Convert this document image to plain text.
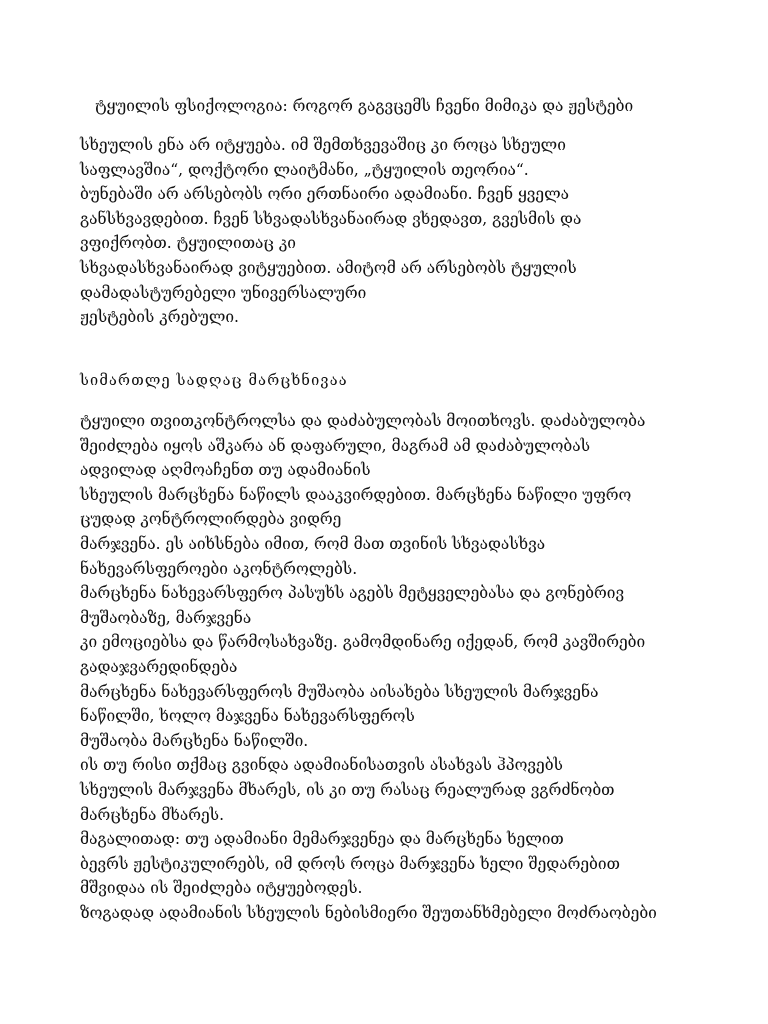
ტყუილის ფსიქოლოგია: როგორ გაგვცემს ჩვენი მიმიკა და ჟესტები
სხეულის ენა არ იტყუება. იმ შემთხვევაშიც კი როცა სხეული
საფლავშია“, დოქტორი ლაიტმანი, „ტყუილის თეორია“.
ბუნებაში არ არსებობს ორი ერთნაირი ადამიანი. ჩვენ ყველა
განსხვავდებით. ჩვენ სხვადასხვანაირად ვხედავთ, გვესმის და
ვფიქრობთ. ტყუილითაც კი
სხვადასხვანაირად ვიტყუებით. ამიტომ არ არსებობს ტყულის
დამადასტურებელი უნივერსალური
ჟესტების კრებული.
სიმართლე სადღაც მარცხნივაა
ტყუილი თვითკონტროლსა და დაძაბულობას მოითხოვს. დაძაბულობა
შეიძლება იყოს აშკარა ან დაფარული, მაგრამ ამ დაძაბულობას
ადვილად აღმოაჩენთ თუ ადამიანის
სხეულის მარცხენა ნაწილს დააკვირდებით. მარცხენა ნაწილი უფრო
ცუდად კონტროლირდება ვიდრე
მარჯვენა. ეს აიხსნება იმით, რომ მათ თვინის სხვადასხვა
ნახევარსფეროები აკონტროლებს.
მარცხენა ნახევარსფერო პასუხს აგებს მეტყველებასა და გონებრივ
მუშაობაზე, მარჯვენა
კი ემოციებსა და წარმოსახვაზე. გამომდინარე იქედან, რომ კავშირები
გადაჯვარედინდება
მარცხენა ნახევარსფეროს მუშაობა აისახება სხეულის მარჯვენა
ნაწილში, ხოლო მაჯვენა ნახევარსფეროს
მუშაობა მარცხენა ნაწილში.
ის თუ რისი თქმაც გვინდა ადამიანისათვის ასახვას ჰპოვებს
სხეულის მარჯვენა მხარეს, ის კი თუ რასაც რეალურად ვგრძნობთ
მარცხენა მხარეს.
მაგალითად: თუ ადამიანი მემარჯვენეა და მარცხენა ხელით
ბევრს ჟესტიკულირებს, იმ დროს როცა მარჯვენა ხელი შედარებით
მშვიდაა ის შეიძლება იტყუებოდეს.
ზოგადად ადამიანის სხეულის ნებისმიერი შეუთანხმებელი მოძრაობები
